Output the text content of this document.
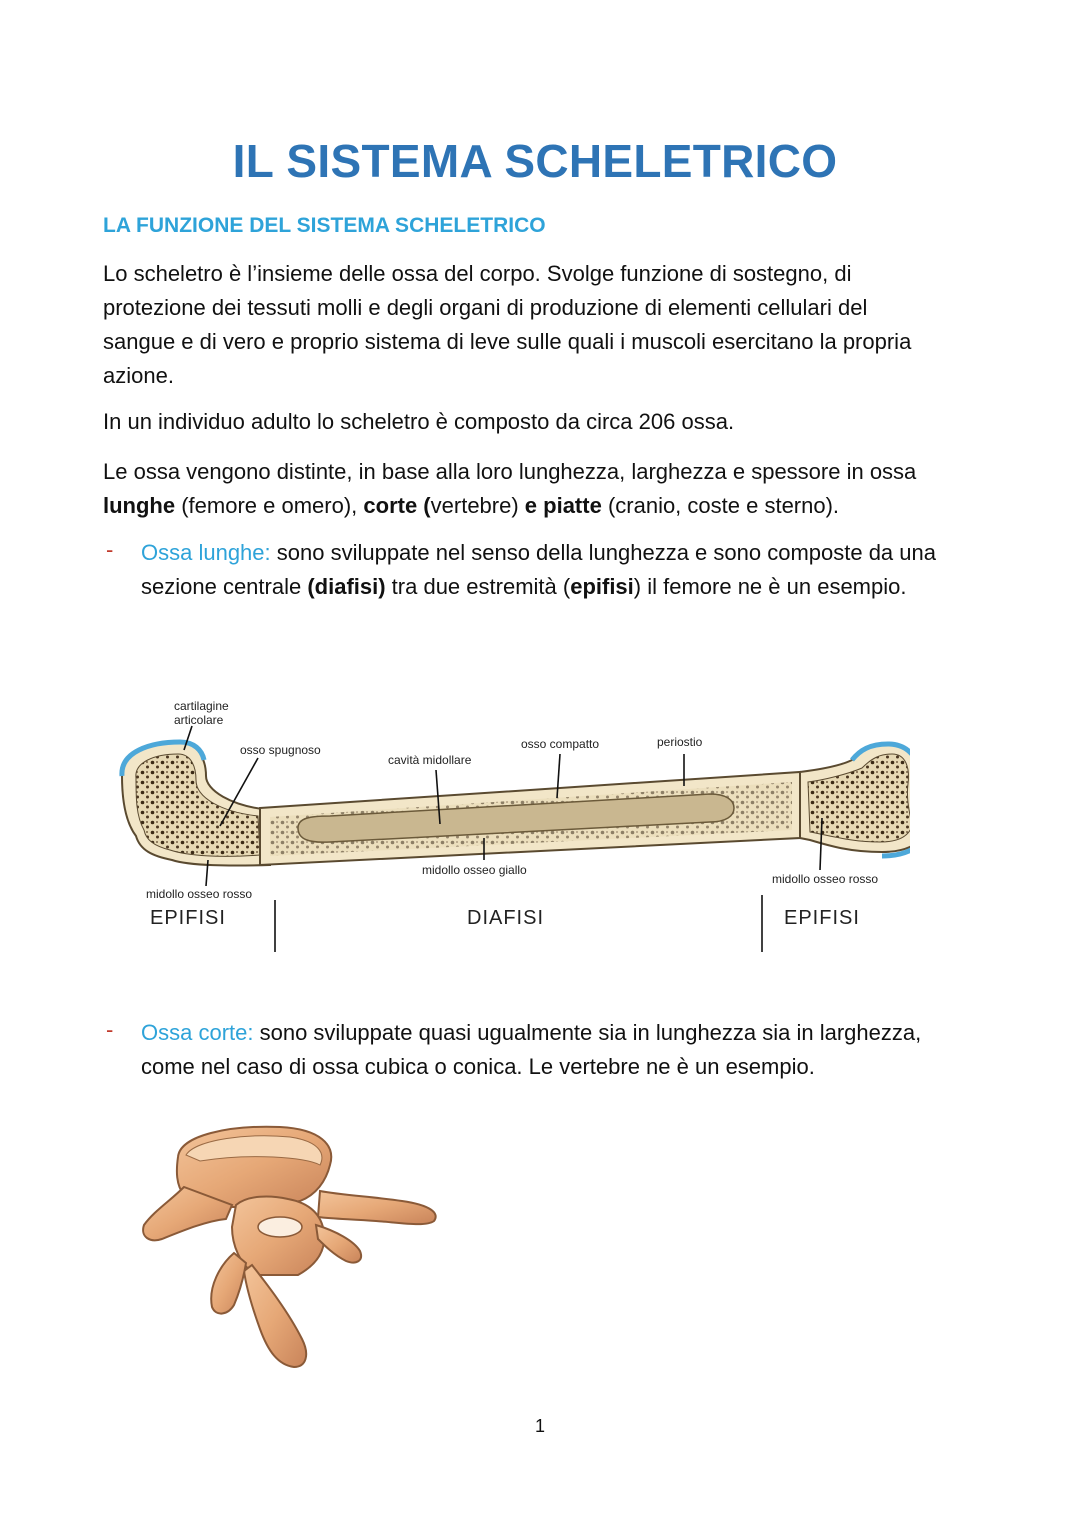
IL SISTEMA SCHELETRICO
LA FUNZIONE DEL SISTEMA SCHELETRICO
Lo scheletro è l’insieme delle ossa del corpo. Svolge funzione di sostegno, di
protezione dei tessuti molli e degli organi di produzione di elementi cellulari del
sangue e di vero e proprio sistema di leve sulle quali i muscoli esercitano la propria
azione.
In un individuo adulto lo scheletro è composto da circa 206 ossa.
Le ossa vengono distinte, in base alla loro lunghezza, larghezza e spessore in ossa
lunghe (femore e omero), corte (vertebre) e piatte (cranio, coste e sterno).
- Ossa lunghe: sono sviluppate nel senso della lunghezza e sono composte da una
sezione centrale (diafisi) tra due estremità (epifisi) il femore ne è un esempio.
cartilagine
articolare
osso spugnoso
cavità midollare
osso compatto	periostio
midollo osseo giallo
midollo osseo rosso
midollo osseo rosso
EPIFISI	DIAFISI	EPIFISI
- Ossa corte: sono sviluppate quasi ugualmente sia in lunghezza sia in larghezza,
come nel caso di ossa cubica o conica. Le vertebre ne è un esempio.
1
